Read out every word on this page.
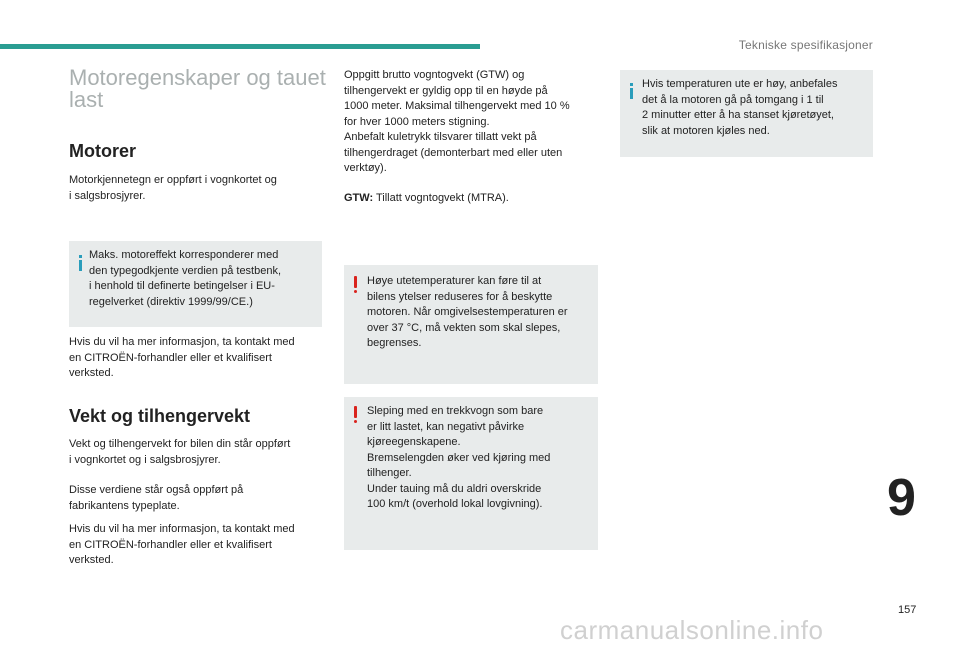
Tekniske spesifikasjoner
Motoregenskaper og tauet last
Motorer

Motorkjennetegn er oppført i vognkortet og
i salgsbrosjyrer.

Maks. motoreffekt korresponderer med
den typegodkjente verdien på testbenk,
i henhold til definerte betingelser i EU-
regelverket (direktiv 1999/99/CE.)

Hvis du vil ha mer informasjon, ta kontakt med
en CITROËN-forhandler eller et kvalifisert
verksted.

Vekt og tilhengervekt

Vekt og tilhengervekt for bilen din står oppført
i vognkortet og i salgsbrosjyrer.

Disse verdiene står også oppført på
fabrikantens typeplate.

Hvis du vil ha mer informasjon, ta kontakt med
en CITROËN-forhandler eller et kvalifisert
verksted.

Oppgitt brutto vogntogvekt (GTW) og
tilhengervekt er gyldig opp til en høyde på
1000 meter. Maksimal tilhengervekt med 10 %
for hver 1000 meters stigning.
Anbefalt kuletrykk tilsvarer tillatt vekt på
tilhengerdraget (demonterbart med eller uten
verktøy).

GTW: Tillatt vogntogvekt (MTRA).

Høye utetemperaturer kan føre til at
bilens ytelser reduseres for å beskytte
motoren. Når omgivelsestemperaturen er
over 37 °C, må vekten som skal slepes,
begrenses.

Sleping med en trekkvogn som bare
er litt lastet, kan negativt påvirke
kjøreegenskapene.
Bremselengden øker ved kjøring med
tilhenger.
Under tauing må du aldri overskride
100 km/t (overhold lokal lovgivning).

Hvis temperaturen ute er høy, anbefales
det å la motoren gå på tomgang i 1 til
2 minutter etter å ha stanset kjøretøyet,
slik at motoren kjøles ned.

9
157
carmanualsonline.info
